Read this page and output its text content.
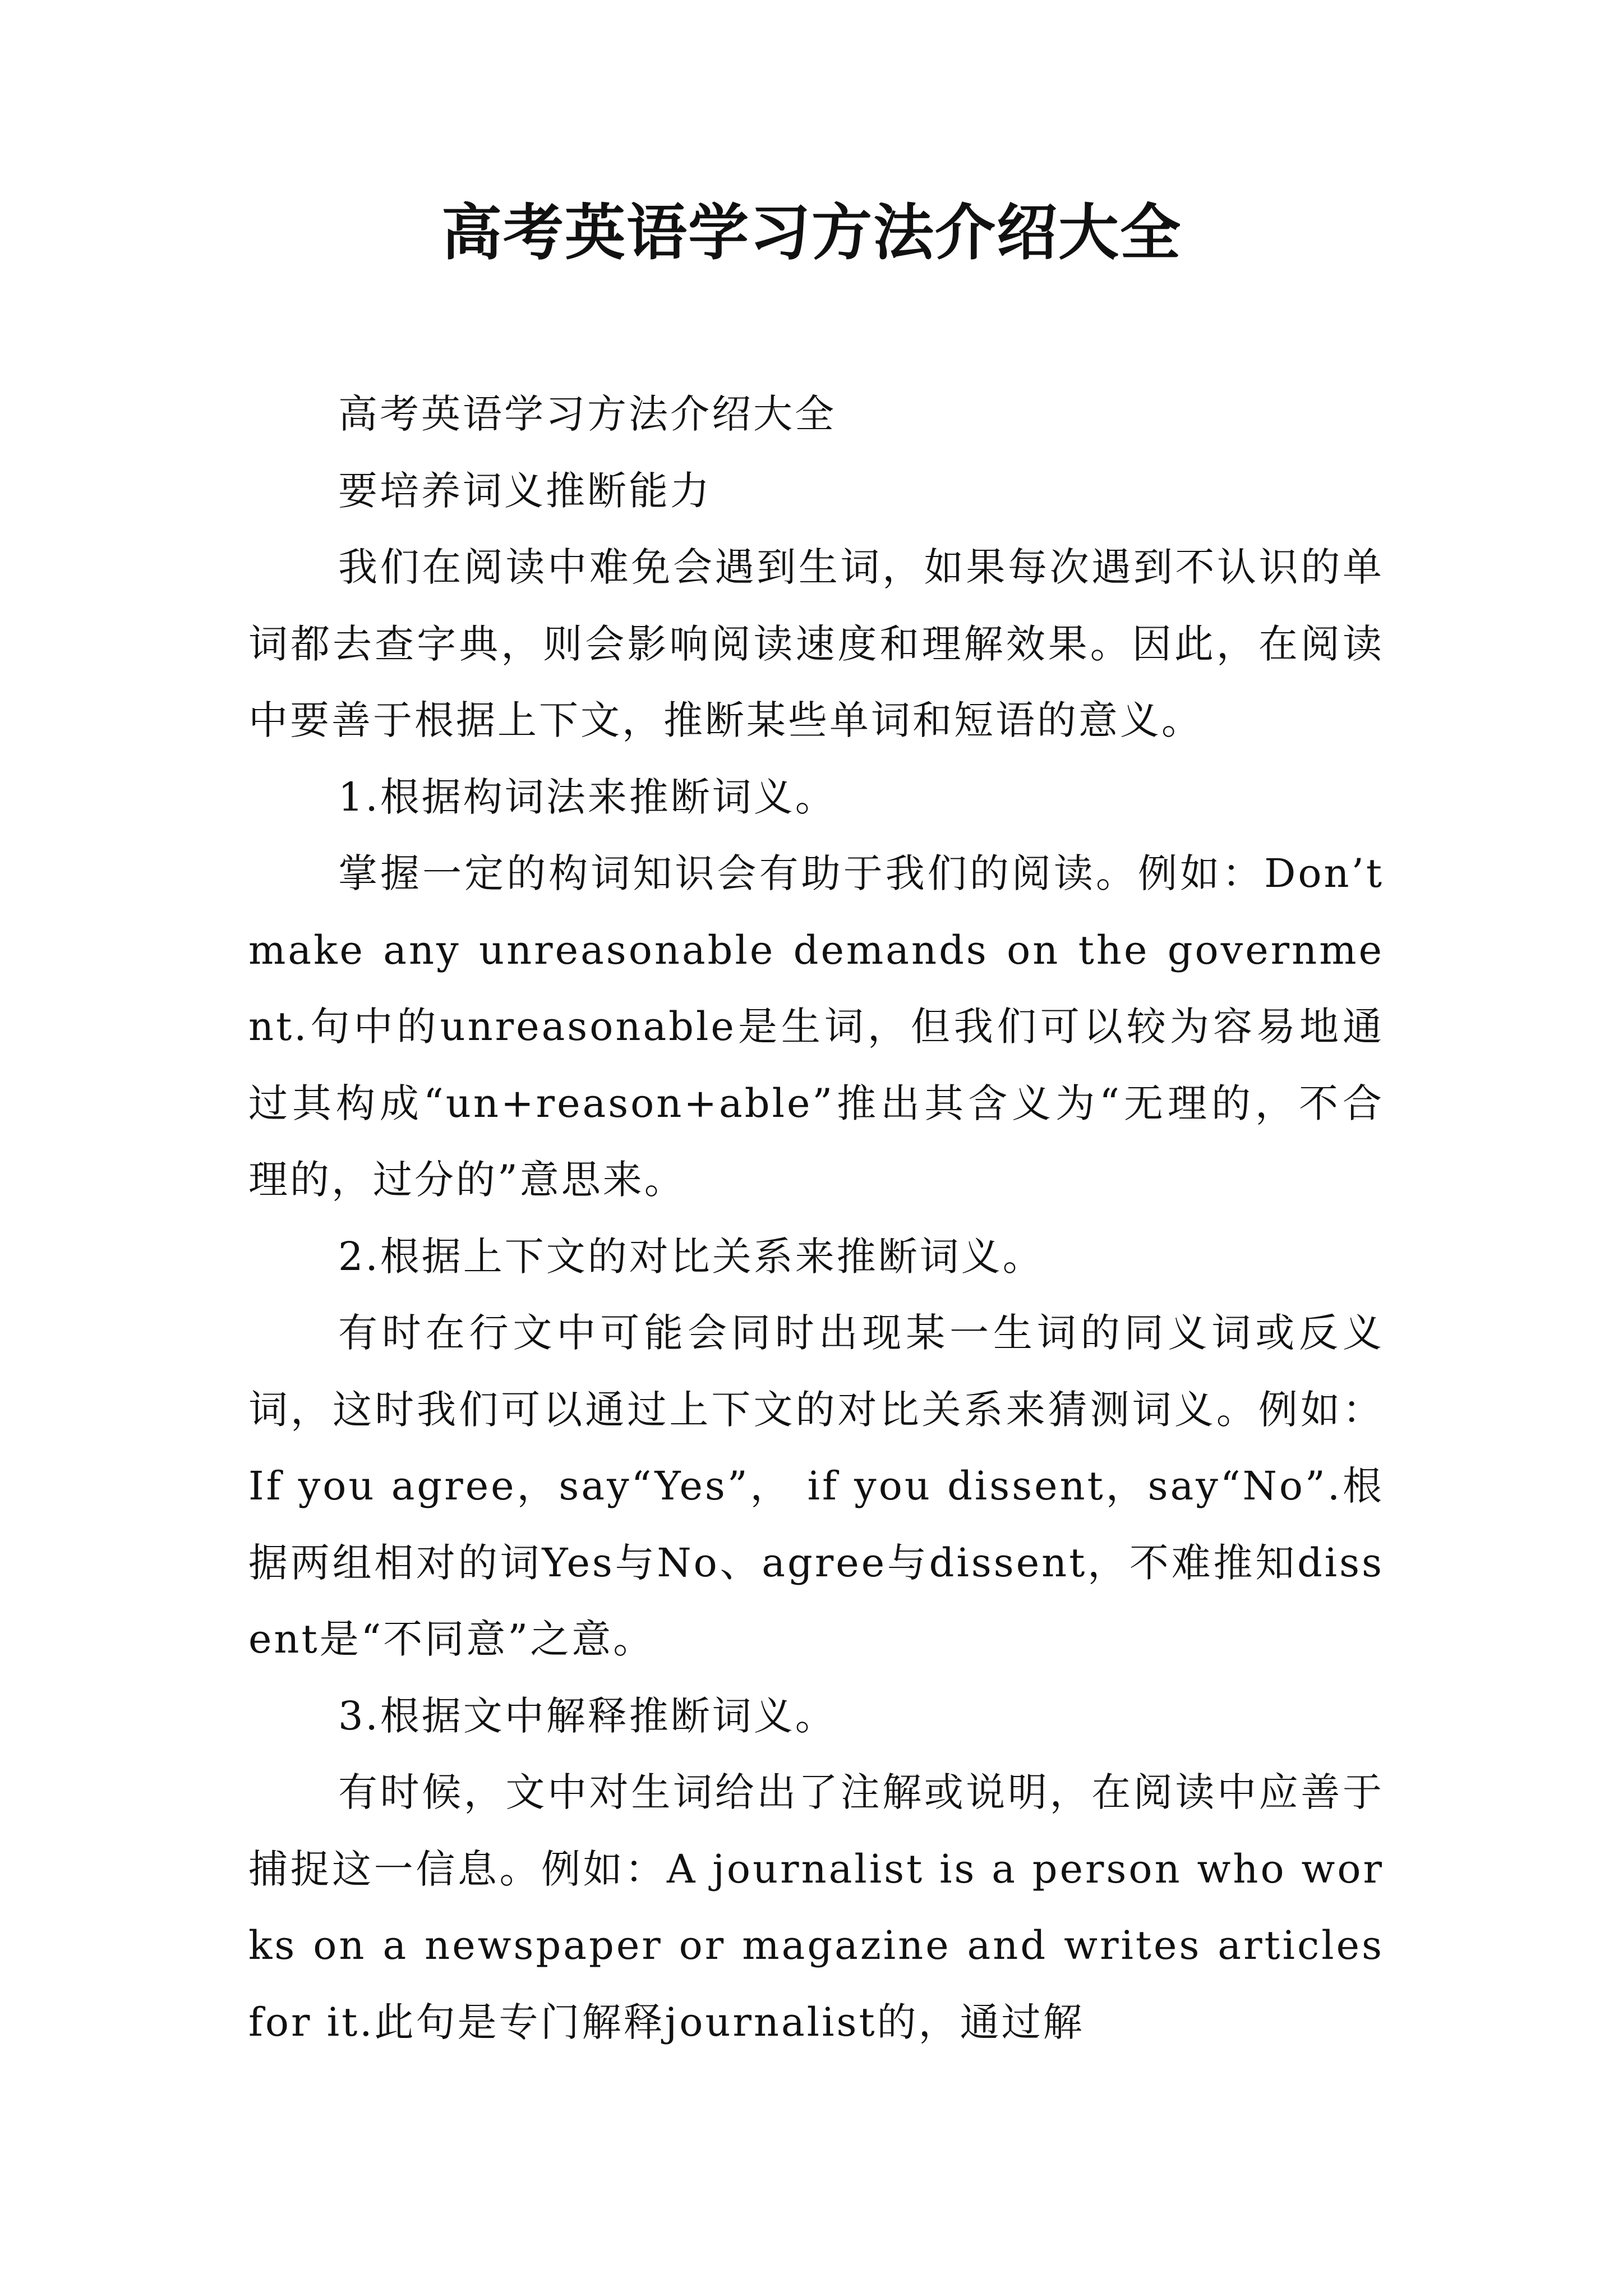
高考英语学习方法介绍大全

高考英语学习方法介绍大全

要培养词义推断能力

我们在阅读中难免会遇到生词，如果每次遇到不认识的单词都去查字典，则会影响阅读速度和理解效果。因此，在阅读中要善于根据上下文，推断某些单词和短语的意义。

1.根据构词法来推断词义。

掌握一定的构词知识会有助于我们的阅读。例如：Don’t make any unreasonable demands on the government.句中的unreasonable是生词，但我们可以较为容易地通过其构成“un+reason+able”推出其含义为“无理的，不合理的，过分的”意思来。

2.根据上下文的对比关系来推断词义。

有时在行文中可能会同时出现某一生词的同义词或反义词，这时我们可以通过上下文的对比关系来猜测词义。例如：If you agree，say“Yes”， if you dissent，say“No”.根据两组相对的词Yes与No、agree与dissent，不难推知dissent是“不同意”之意。

3.根据文中解释推断词义。

有时候，文中对生词给出了注解或说明，在阅读中应善于捕捉这一信息。例如：A journalist is a person who works on a newspaper or magazine and writes articles for it.此句是专门解释journalist的，通过解
